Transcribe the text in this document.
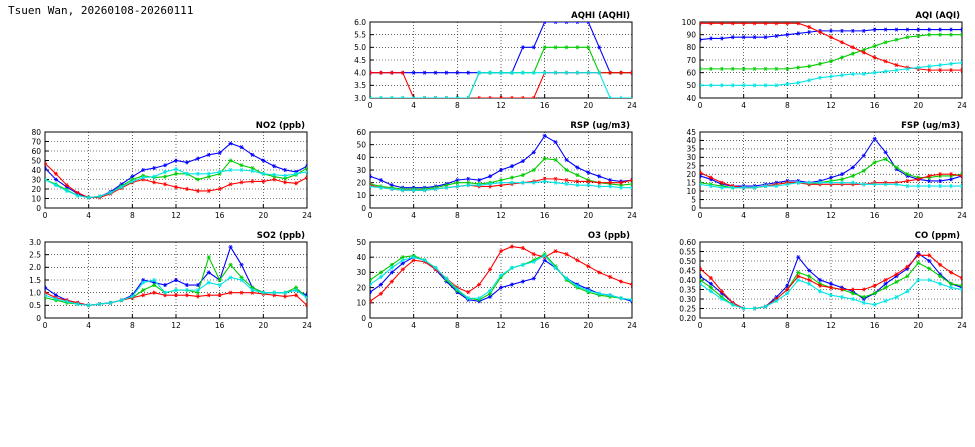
Tsuen Wan, 20260108-20260111
3.0
3.5
4.0
4.5
5.0
5.5
6.0
0	4	8	12	16	20	24
AQHI (AQHI)
40
50
60
70
80
90
100
0	4	8	12	16	20	24
AQI (AQI)
0
10
20
30
40
50
60
70
80
0	4	8	12	16	20	24
NO2 (ppb)
0
10
20
30
40
50
60
0	4	8	12	16	20	24
RSP (ug/m3)
0
5
10
15
20
25
30
35
40
45
0	4	8	12	16	20	24
FSP (ug/m3)
0
0.5
1.0
1.5
2.0
2.5
3.0
0	4	8	12	16	20	24
SO2 (ppb)
0
10
20
30
40
50
0	4	8	12	16	20	24
O3 (ppb)
0.20
0.25
0.30
0.35
0.40
0.45
0.50
0.55
0.60
0	4	8	12	16	20	24
CO (ppm)
